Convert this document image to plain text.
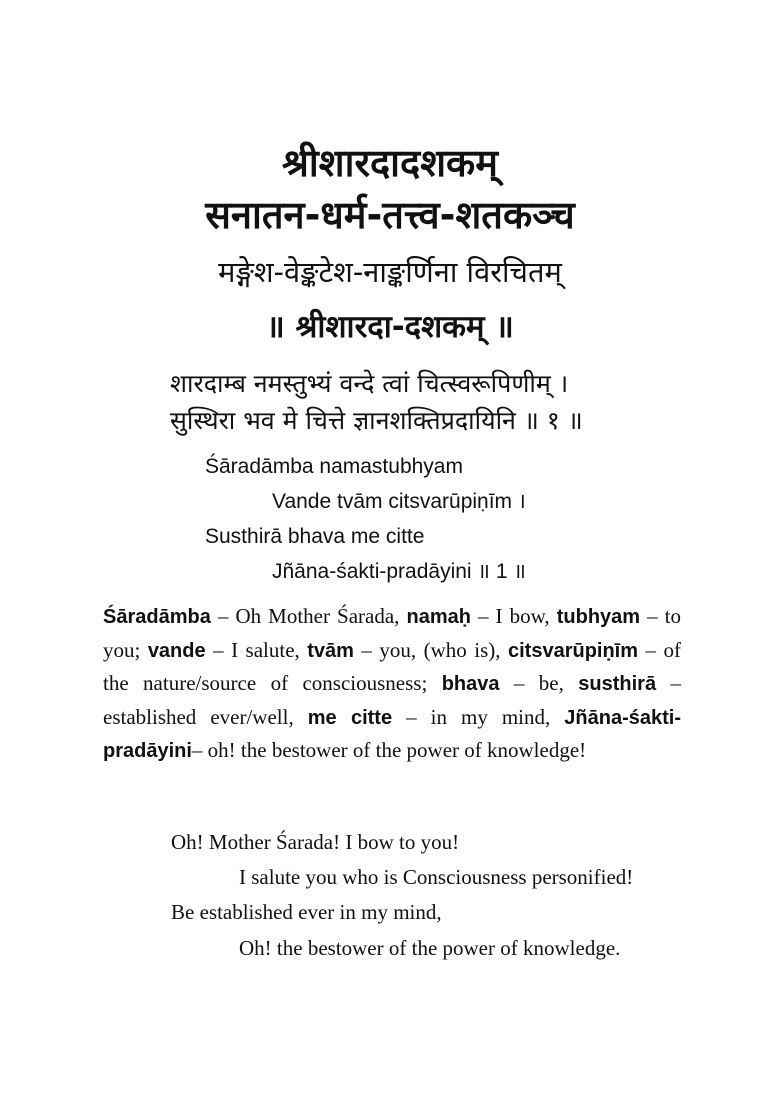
श्रीशारदादशकम्
सनातन-धर्म-तत्त्व-शतकञ्च
मङ्गेश-वेङ्कटेश-नाङ्कर्णिना विरचितम्
॥ श्रीशारदा-दशकम् ॥
शारदाम्ब नमस्तुभ्यं वन्दे त्वां चित्स्वरूपिणीम् ।
सुस्थिरा भव मे चित्ते ज्ञानशक्तिप्रदायिनि ॥ १ ॥
Śāradāmba namastubhyam
Vande tvām citsvarūpiṇīm ।
Susthirā bhava me citte
Jñāna-śakti-pradāyini ॥ 1 ॥
Śāradāmba – Oh Mother Śarada, namaḥ – I bow, tubhyam – to you; vande – I salute, tvām – you, (who is), citsvarūpiṇīm – of the nature/source of consciousness; bhava – be, susthirā – established ever/well, me citte – in my mind, Jñāna-śakti-pradāyini– oh! the bestower of the power of knowledge!
Oh! Mother Śarada! I bow to you!
I salute you who is Consciousness personified!
Be established ever in my mind,
Oh! the bestower of the power of knowledge.
